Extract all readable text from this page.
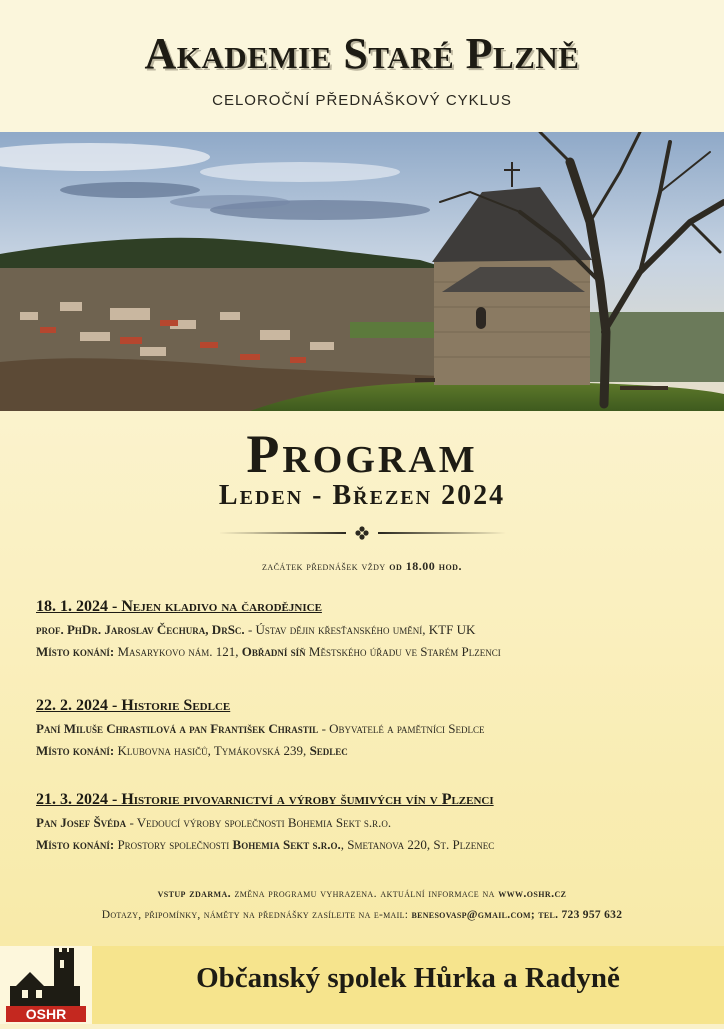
Akademie Staré Plzně
CELOROČNÍ PŘEDNÁŠKOVÝ CYKLUS
Program
Leden - Březen 2024
začátek přednášek vždy od 18.00 hod.
18. 1. 2024 - Nejen kladivo na čarodějnice
prof. PhDr. Jaroslav Čechura, DrSc. - Ústav dějin křesťanského umění, KTF UK
Místo konání: Masarykovo nám. 121, Obřadní síň Městského úřadu ve Starém Plzenci
22. 2. 2024 - Historie Sedlce
Paní Miluše Chrastilová a pan František Chrastil - Obyvatelé a pamětníci Sedlce
Místo konání: Klubovna hasičů, Tymákovská 239, Sedlec
21. 3. 2024 - Historie pivovarnictví a výroby šumivých vín v Plzenci
Pan Josef Švéda - Vedoucí výroby společnosti Bohemia Sekt s.r.o.
Místo konání: Prostory společnosti Bohemia Sekt s.r.o., Smetanova 220, St. Plzenec
vstup zdarma. změna programu vyhrazena. aktuální informace na www.oshr.cz
Dotazy, připomínky, náměty na přednášky zasílejte na e-mail: benesovasp@gmail.com; tel. 723 957 632
OSHR
Občanský spolek Hůrka a Radyně
